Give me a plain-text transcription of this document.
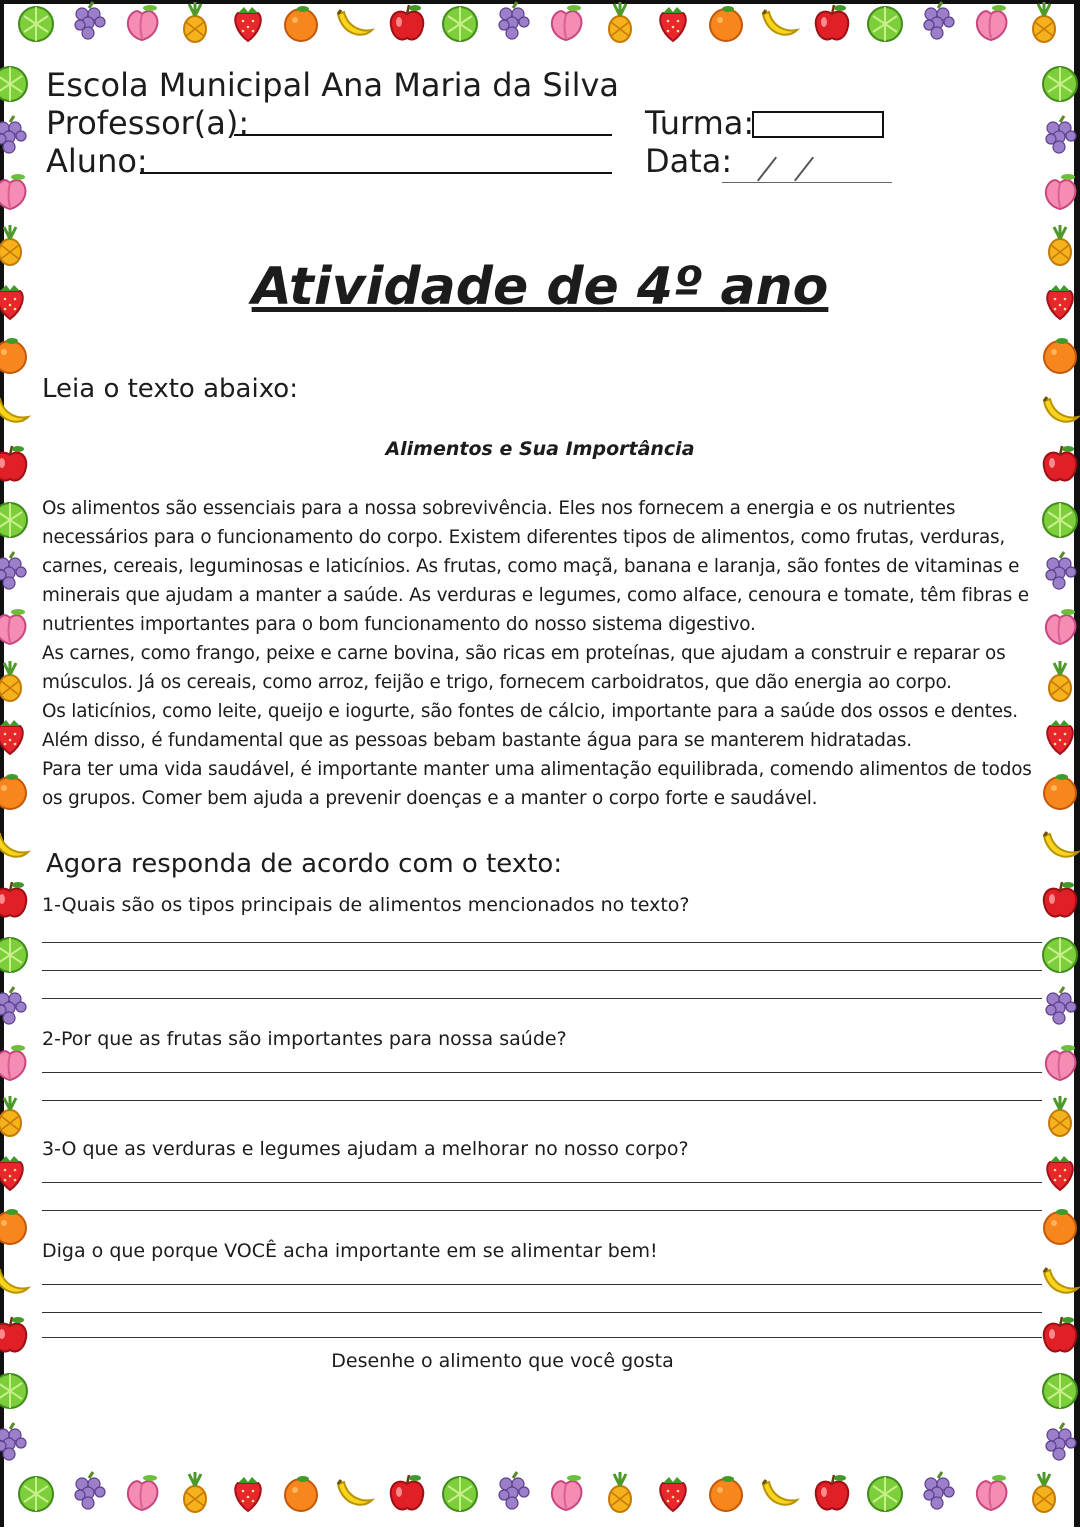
Escola Municipal Ana Maria da Silva
Professor(a):	Turma:
Aluno:	Data:
Atividade de 4º ano
Leia o texto abaixo:
Alimentos e Sua Importância

Os alimentos são essenciais para a nossa sobrevivência. Eles nos fornecem a energia e os nutrientes necessários para o funcionamento do corpo. Existem diferentes tipos de alimentos, como frutas, verduras, carnes, cereais, leguminosas e laticínios. As frutas, como maçã, banana e laranja, são fontes de vitaminas e minerais que ajudam a manter a saúde. As verduras e legumes, como alface, cenoura e tomate, têm fibras e nutrientes importantes para o bom funcionamento do nosso sistema digestivo.

As carnes, como frango, peixe e carne bovina, são ricas em proteínas, que ajudam a construir e reparar os músculos. Já os cereais, como arroz, feijão e trigo, fornecem carboidratos, que dão energia ao corpo.

Os laticínios, como leite, queijo e iogurte, são fontes de cálcio, importante para a saúde dos ossos e dentes. Além disso, é fundamental que as pessoas bebam bastante água para se manterem hidratadas.

Para ter uma vida saudável, é importante manter uma alimentação equilibrada, comendo alimentos de todos os grupos. Comer bem ajuda a prevenir doenças e a manter o corpo forte e saudável.

Agora responda de acordo com o texto:
1-Quais são os tipos principais de alimentos mencionados no texto?
2-Por que as frutas são importantes para nossa saúde?
3-O que as verduras e legumes ajudam a melhorar no nosso corpo?
Diga o que porque VOCÊ acha importante em se alimentar bem!
Desenhe o alimento que você gosta
